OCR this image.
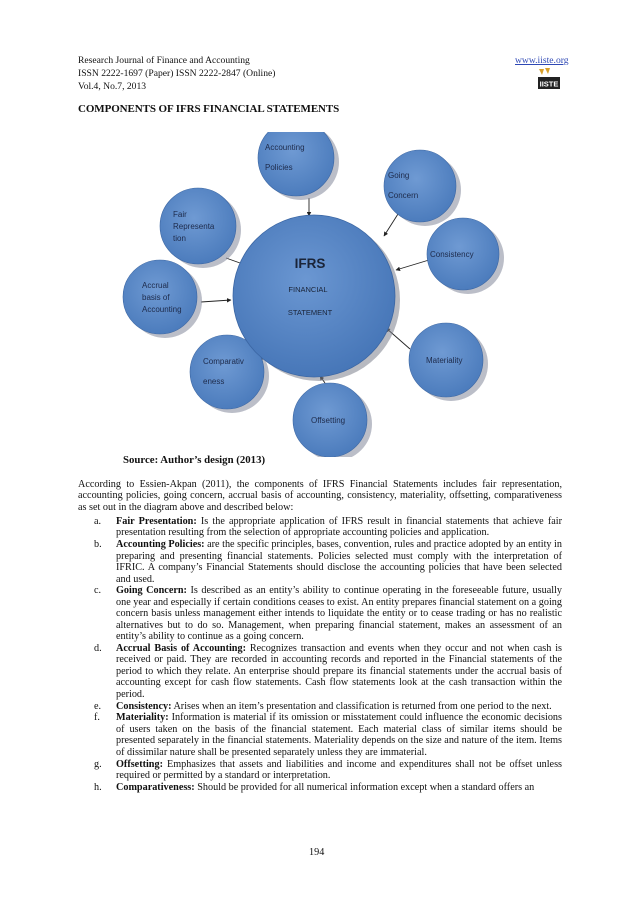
Research Journal of Finance and Accounting
ISSN 2222-1697 (Paper) ISSN 2222-2847 (Online)
Vol.4, No.7, 2013
www.iiste.org
IISTE
COMPONENTS OF IFRS FINANCIAL STATEMENTS
Accounting
Policies
Going
Concern
Consistency
Materiality
Offsetting
Comparativ
eness
Accrual
basis of
Accounting
Fair
Representa
tion
IFRS
FINANCIAL
STATEMENT
Source: Author’s design (2013)

According to Essien-Akpan (2011), the components of IFRS Financial Statements includes fair representation, accounting policies, going concern, accrual basis of accounting, consistency, materiality, offsetting, comparativeness as set out in the diagram above and described below:

a. Fair Presentation: Is the appropriate application of IFRS result in financial statements that achieve fair presentation resulting from the selection of appropriate accounting policies and application.
b. Accounting Policies: are the specific principles, bases, convention, rules and practice adopted by an entity in preparing and presenting financial statements. Policies selected must comply with the interpretation of IFRIC. A company’s Financial Statements should disclose the accounting policies that have been selected and used.
c. Going Concern: Is described as an entity’s ability to continue operating in the foreseeable future, usually one year and especially if certain conditions ceases to exist. An entity prepares financial statement on a going concern basis unless management either intends to liquidate the entity or to cease trading or has no realistic alternatives but to do so. Management, when preparing financial statement, makes an assessment of an entity’s ability to continue as a going concern.
d. Accrual Basis of Accounting: Recognizes transaction and events when they occur and not when cash is received or paid. They are recorded in accounting records and reported in the Financial statements of the period to which they relate. An enterprise should prepare its financial statements under the accrual basis of accounting except for cash flow statements. Cash flow statements look at the cash transaction within the period.
e. Consistency: Arises when an item’s presentation and classification is returned from one period to the next.
f. Materiality: Information is material if its omission or misstatement could influence the economic decisions of users taken on the basis of the financial statement. Each material class of similar items should be presented separately in the financial statements. Materiality depends on the size and nature of the item. Items of dissimilar nature shall be presented separately unless they are immaterial.
g. Offsetting: Emphasizes that assets and liabilities and income and expenditures shall not be offset unless required or permitted by a standard or interpretation.
h. Comparativeness: Should be provided for all numerical information except when a standard offers an
194
